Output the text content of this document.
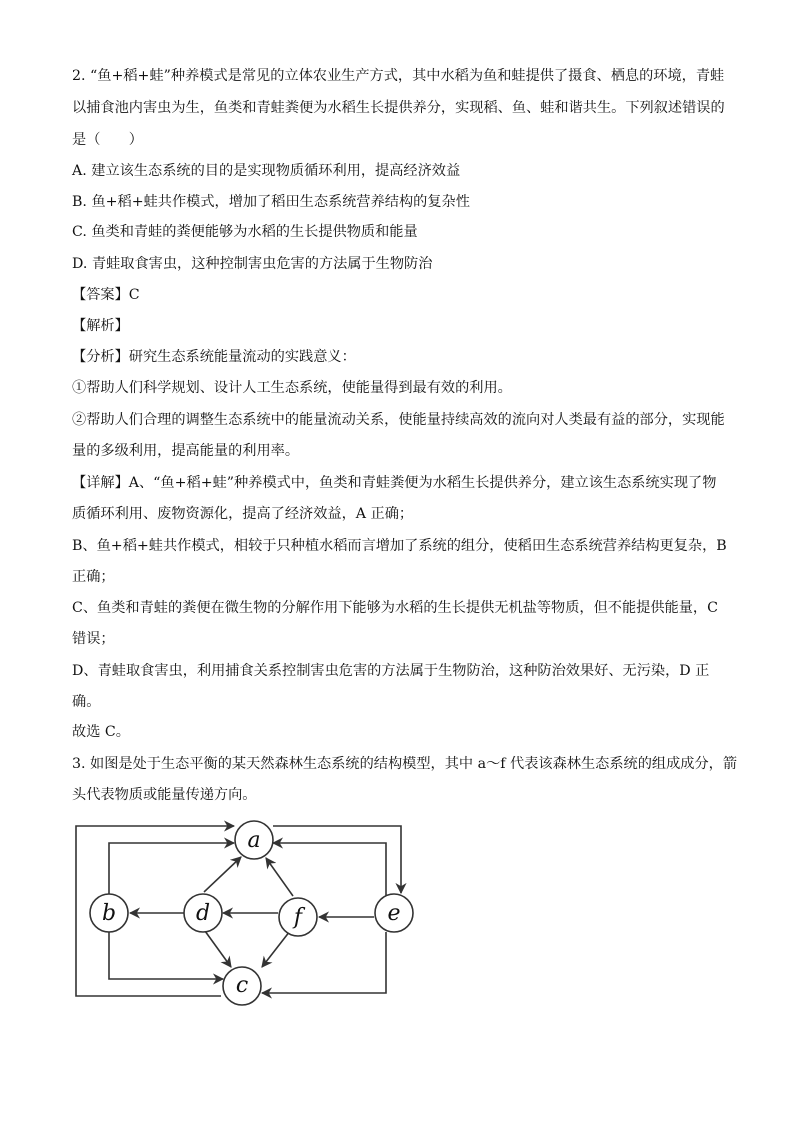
2. “鱼+稻+蛙”种养模式是常见的立体农业生产方式，其中水稻为鱼和蛙提供了摄食、栖息的环境，青蛙
以捕食池内害虫为生，鱼类和青蛙粪便为水稻生长提供养分，实现稻、鱼、蛙和谐共生。下列叙述错误的
是（　　）
A. 建立该生态系统的目的是实现物质循环利用，提高经济效益
B. 鱼+稻+蛙共作模式，增加了稻田生态系统营养结构的复杂性
C. 鱼类和青蛙的粪便能够为水稻的生长提供物质和能量
D. 青蛙取食害虫，这种控制害虫危害的方法属于生物防治
【答案】C
【解析】
【分析】研究生态系统能量流动的实践意义：
①帮助人们科学规划、设计人工生态系统，使能量得到最有效的利用。
②帮助人们合理的调整生态系统中的能量流动关系，使能量持续高效的流向对人类最有益的部分，实现能
量的多级利用，提高能量的利用率。
【详解】A、“鱼+稻+蛙”种养模式中，鱼类和青蛙粪便为水稻生长提供养分，建立该生态系统实现了物
质循环利用、废物资源化，提高了经济效益，A 正确；
B、鱼+稻+蛙共作模式，相较于只种植水稻而言增加了系统的组分，使稻田生态系统营养结构更复杂，B
正确；
C、鱼类和青蛙的粪便在微生物的分解作用下能够为水稻的生长提供无机盐等物质，但不能提供能量，C
错误；
D、青蛙取食害虫，利用捕食关系控制害虫危害的方法属于生物防治，这种防治效果好、无污染，D 正
确。
故选 C。
3. 如图是处于生态平衡的某天然森林生态系统的结构模型，其中 a～f 代表该森林生态系统的组成成分，箭
头代表物质或能量传递方向。
a
b
c
d	e
f
